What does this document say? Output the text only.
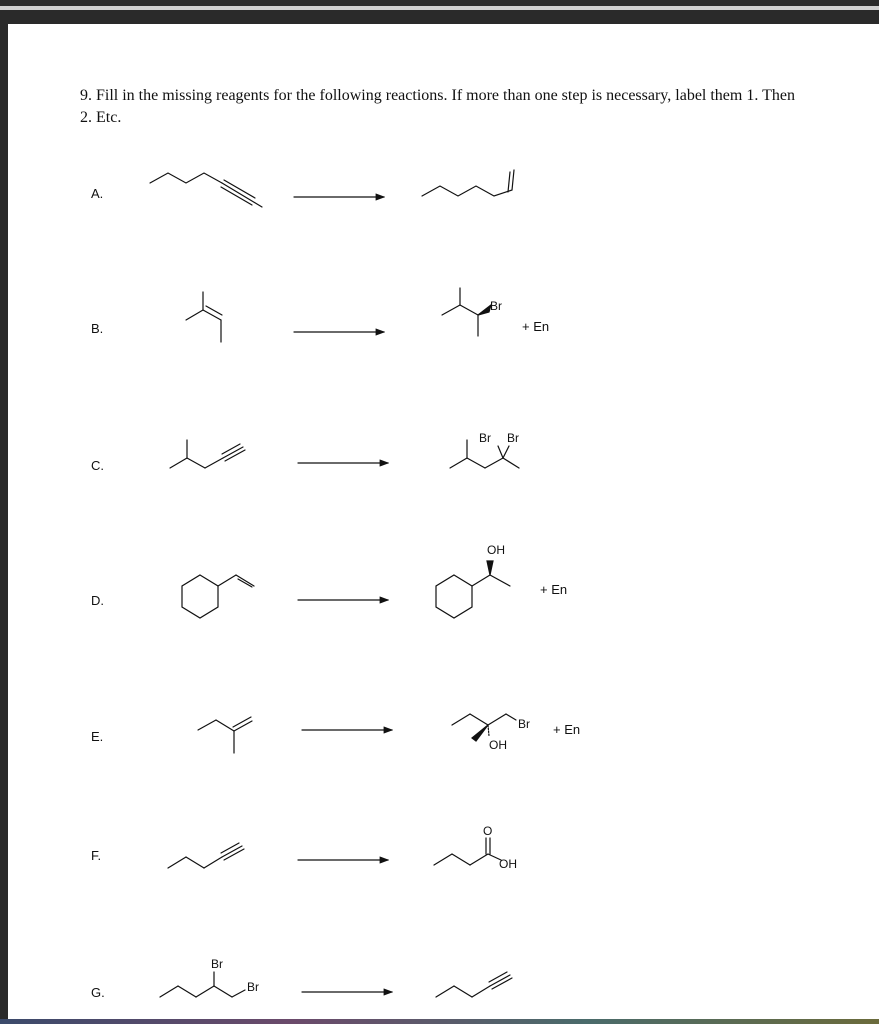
9. Fill in the missing reagents for the following reactions. If more than one step is necessary, label them 1. Then 2. Etc.

A.
B.
C.
D.
E.
F.
G.
Br
+ En
Br Br
OH
+ En
Br
OH
+ En
O
OH
Br
Br
